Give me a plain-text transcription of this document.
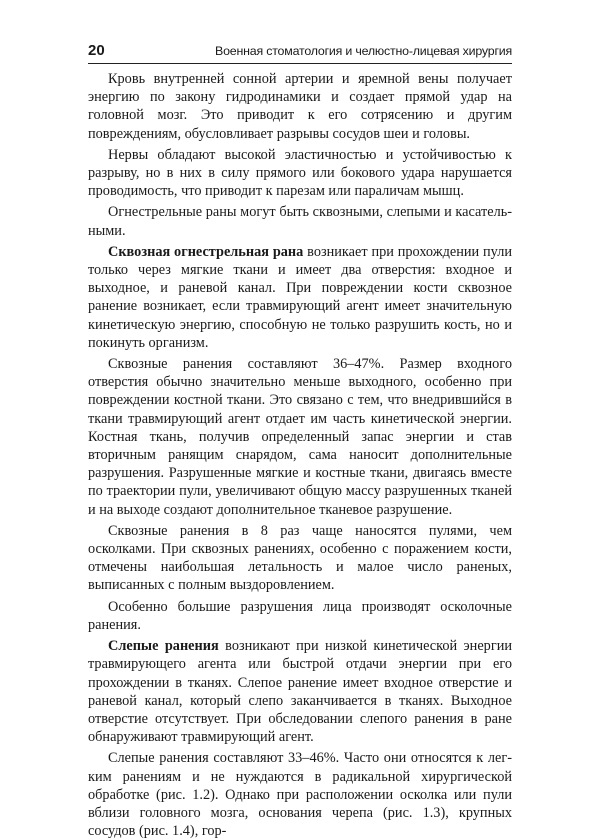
20	Военная стоматология и челюстно-лицевая хирургия

Кровь внутренней сонной артерии и яремной вены получает энергию по закону гидродинамики и создает прямой удар на головной мозг. Это приводит к его сотрясению и другим повреждениям, обусловливает разрывы сосудов шеи и головы.

Нервы обладают высокой эластичностью и устойчивостью к разрыву, но в них в силу прямого или бокового удара нарушается проводимость, что приводит к парезам или параличам мышц.

Огнестрельные раны могут быть сквозными, слепыми и касательными.

Сквозная огнестрельная рана возникает при прохождении пули только через мягкие ткани и имеет два отверстия: входное и выходное, и раневой канал. При повреждении кости сквозное ранение возникает, если травмирующий агент имеет значительную кинетическую энергию, способную не только разрушить кость, но и покинуть организм.

Сквозные ранения составляют 36–47%. Размер входного отверстия обычно значительно меньше выходного, особенно при повреждении костной ткани. Это связано с тем, что внедрившийся в ткани травмирующий агент отдает им часть кинетической энергии. Костная ткань, получив определенный запас энергии и став вторичным ранящим снарядом, сама наносит дополнительные разрушения. Разрушенные мягкие и костные ткани, двигаясь вместе по траектории пули, увеличивают общую массу разрушенных тканей и на выходе создают дополнительное тканевое разрушение.

Сквозные ранения в 8 раз чаще наносятся пулями, чем осколками. При сквозных ранениях, особенно с поражением кости, отмечены наибольшая летальность и малое число раненых, выписанных с полным выздоровлением.

Особенно большие разрушения лица производят осколочные ранения.

Слепые ранения возникают при низкой кинетической энергии травмирующего агента или быстрой отдачи энергии при его прохождении в тканях. Слепое ранение имеет входное отверстие и раневой канал, который слепо заканчивается в тканях. Выходное отверстие отсутствует. При обследовании слепого ранения в ране обнаруживают травмирующий агент.

Слепые ранения составляют 33–46%. Часто они относятся к легким ранениям и не нуждаются в радикальной хирургической обработке (рис. 1.2). Однако при расположении осколка или пули вблизи головного мозга, основания черепа (рис. 1.3), крупных сосудов (рис. 1.4), гор-
